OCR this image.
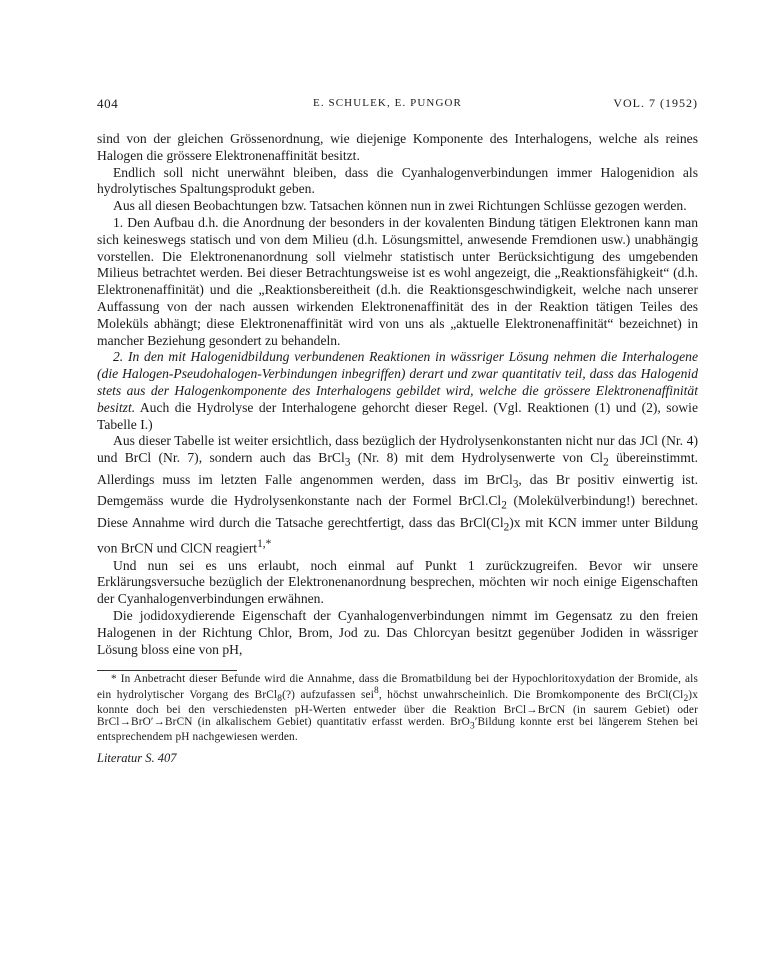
404	E. SCHULEK, E. PUNGOR	VOL. 7 (1952)

sind von der gleichen Grössenordnung, wie diejenige Komponente des Interhalogens, welche als reines Halogen die grössere Elektronenaffinität besitzt.

Endlich soll nicht unerwähnt bleiben, dass die Cyanhalogenverbindungen immer Halogenidion als hydrolytisches Spaltungsprodukt geben.

Aus all diesen Beobachtungen bzw. Tatsachen können nun in zwei Richtungen Schlüsse gezogen werden.

1. Den Aufbau d.h. die Anordnung der besonders in der kovalenten Bindung tätigen Elektronen kann man sich keineswegs statisch und von dem Milieu (d.h. Lösungsmittel, anwesende Fremdionen usw.) unabhängig vorstellen. Die Elektronenanordnung soll vielmehr statistisch unter Berücksichtigung des umgebenden Milieus betrachtet werden. Bei dieser Betrachtungsweise ist es wohl angezeigt, die „Reaktionsfähigkeit“ (d.h. Elektronenaffinität) und die „Reaktionsbereitheit (d.h. die Reaktionsgeschwindigkeit, welche nach unserer Auffassung von der nach aussen wirkenden Elektronenaffinität des in der Reaktion tätigen Teiles des Moleküls abhängt; diese Elektronenaffinität wird von uns als „aktuelle Elektronenaffinität“ bezeichnet) in mancher Beziehung gesondert zu behandeln.

2. In den mit Halogenidbildung verbundenen Reaktionen in wässriger Lösung nehmen die Interhalogene (die Halogen-Pseudohalogen-Verbindungen inbegriffen) derart und zwar quantitativ teil, dass das Halogenid stets aus der Halogenkomponente des Interhalogens gebildet wird, welche die grössere Elektronenaffinität besitzt. Auch die Hydrolyse der Interhalogene gehorcht dieser Regel. (Vgl. Reaktionen (1) und (2), sowie Tabelle I.)

Aus dieser Tabelle ist weiter ersichtlich, dass bezüglich der Hydrolysenkonstanten nicht nur das JCl (Nr. 4) und BrCl (Nr. 7), sondern auch das BrCl$_3$ (Nr. 8) mit dem Hydrolysenwerte von $Cl_2$ übereinstimmt. Allerdings muss im letzten Falle angenommen werden, dass im BrCl$_3$, das Br positiv einwertig ist. Demgemäss wurde die Hydrolysenkonstante nach der Formel $BrCl.Cl_2$ (Molekülverbindung!) berechnet. Diese Annahme wird durch die Tatsache gerechtfertigt, dass das $BrCl(Cl_2)x$ mit KCN immer unter Bildung von BrCN und ClCN reagiert$^{1,*}$

Und nun sei es uns erlaubt, noch einmal auf Punkt 1 zurückzugreifen. Bevor wir unsere Erklärungsversuche bezüglich der Elektronenanordnung besprechen, möchten wir noch einige Eigenschaften der Cyanhalogenverbindungen erwähnen.

Die jodidoxydierende Eigenschaft der Cyanhalogenverbindungen nimmt im Gegensatz zu den freien Halogenen in der Richtung Chlor, Brom, Jod zu. Das Chlorcyan besitzt gegenüber Jodiden in wässriger Lösung bloss eine von pH,

* In Anbetracht dieser Befunde wird die Annahme, dass die Bromatbildung bei der Hypochloritoxydation der Bromide, als ein hydrolytischer Vorgang des BrCl$_8$(?) aufzufassen sei$^8$, höchst unwahrscheinlich. Die Bromkomponente des $BrCl(Cl_2)x$ konnte doch bei den verschiedensten pH-Werten entweder über die Reaktion BrCl→BrCN (in saurem Gebiet) oder BrCl→BrO′→BrCN (in alkalischem Gebiet) quantitativ erfasst werden. BrO$_3$′Bildung konnte erst bei längerem Stehen bei entsprechendem pH nachgewiesen werden.

Literatur S. 407
